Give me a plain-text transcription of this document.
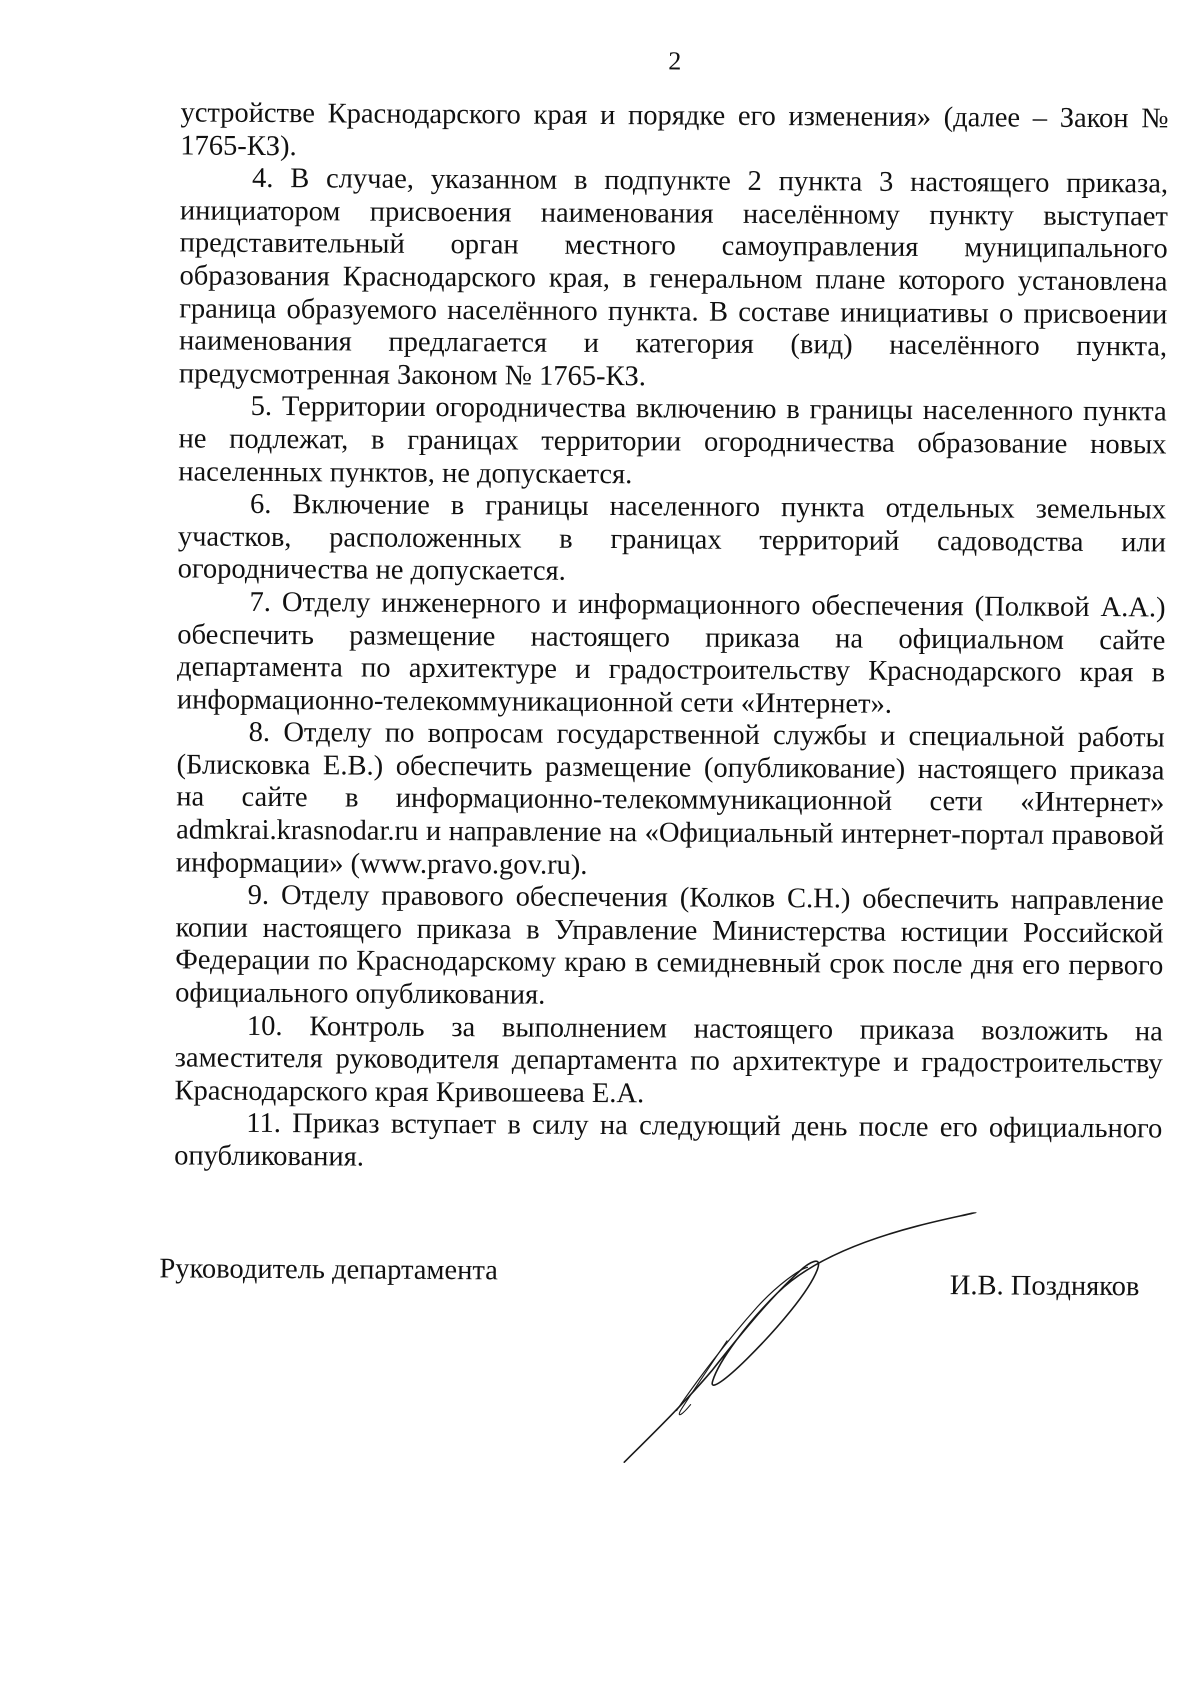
2

устройстве Краснодарского края и порядке его изменения» (далее – Закон № 1765-КЗ).

4. В случае, указанном в подпункте 2 пункта 3 настоящего приказа, инициатором присвоения наименования населённому пункту выступает представительный орган местного самоуправления муниципального образования Краснодарского края, в генеральном плане которого установлена граница образуемого населённого пункта. В составе инициативы о присвоении наименования предлагается и категория (вид) населённого пункта, предусмотренная Законом № 1765-КЗ.

5. Территории огородничества включению в границы населенного пункта не подлежат, в границах территории огородничества образование новых населенных пунктов, не допускается.

6. Включение в границы населенного пункта отдельных земельных участков, расположенных в границах территорий садоводства или огородничества не допускается.

7. Отделу инженерного и информационного обеспечения (Полквой А.А.) обеспечить размещение настоящего приказа на официальном сайте департамента по архитектуре и градостроительству Краснодарского края в информационно-телекоммуникационной сети «Интернет».

8. Отделу по вопросам государственной службы и специальной работы (Блисковка Е.В.) обеспечить размещение (опубликование) настоящего приказа на сайте в информационно-телекоммуникационной сети «Интернет» admkrai.krasnodar.ru и направление на «Официальный интернет-портал правовой информации» (www.pravo.gov.ru).

9. Отделу правового обеспечения (Колков С.Н.) обеспечить направление копии настоящего приказа в Управление Министерства юстиции Российской Федерации по Краснодарскому краю в семидневный срок после дня его первого официального опубликования.

10. Контроль за выполнением настоящего приказа возложить на заместителя руководителя департамента по архитектуре и градостроительству Краснодарского края Кривошеева Е.А.

11. Приказ вступает в силу на следующий день после его официального опубликования.

Руководитель департамента	И.В. Поздняков
